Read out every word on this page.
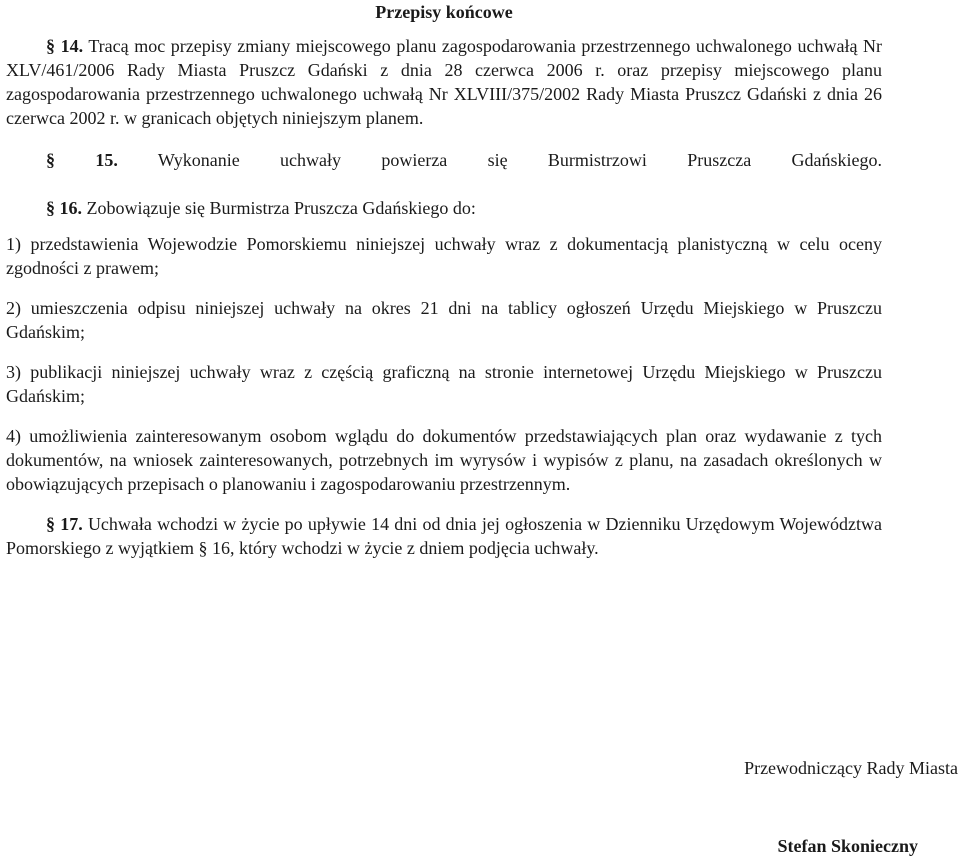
Przepisy końcowe

§ 14. Tracą moc przepisy zmiany miejscowego planu zagospodarowania przestrzennego uchwalonego uchwałą Nr XLV/461/2006 Rady Miasta Pruszcz Gdański z dnia 28 czerwca 2006 r. oraz przepisy miejscowego planu zagospodarowania przestrzennego uchwalonego uchwałą Nr XLVIII/375/2002 Rady Miasta Pruszcz Gdański z dnia 26 czerwca 2002 r. w granicach objętych niniejszym planem.

§ 15. Wykonanie uchwały powierza się Burmistrzowi Pruszcza Gdańskiego.

§ 16. Zobowiązuje się Burmistrza Pruszcza Gdańskiego do:

1) przedstawienia Wojewodzie Pomorskiemu niniejszej uchwały wraz z dokumentacją planistyczną w celu oceny zgodności z prawem;

2) umieszczenia odpisu niniejszej uchwały na okres 21 dni na tablicy ogłoszeń Urzędu Miejskiego w Pruszczu Gdańskim;

3) publikacji niniejszej uchwały wraz z częścią graficzną na stronie internetowej Urzędu Miejskiego w Pruszczu Gdańskim;

4) umożliwienia zainteresowanym osobom wglądu do dokumentów przedstawiających plan oraz wydawanie z tych dokumentów, na wniosek zainteresowanych, potrzebnych im wyrysów i wypisów z planu, na zasadach określonych w obowiązujących przepisach o planowaniu i zagospodarowaniu przestrzennym.

§ 17. Uchwała wchodzi w życie po upływie 14 dni od dnia jej ogłoszenia w Dzienniku Urzędowym Województwa Pomorskiego z wyjątkiem § 16, który wchodzi w życie z dniem podjęcia uchwały.

Przewodniczący Rady Miasta
Stefan Skonieczny
